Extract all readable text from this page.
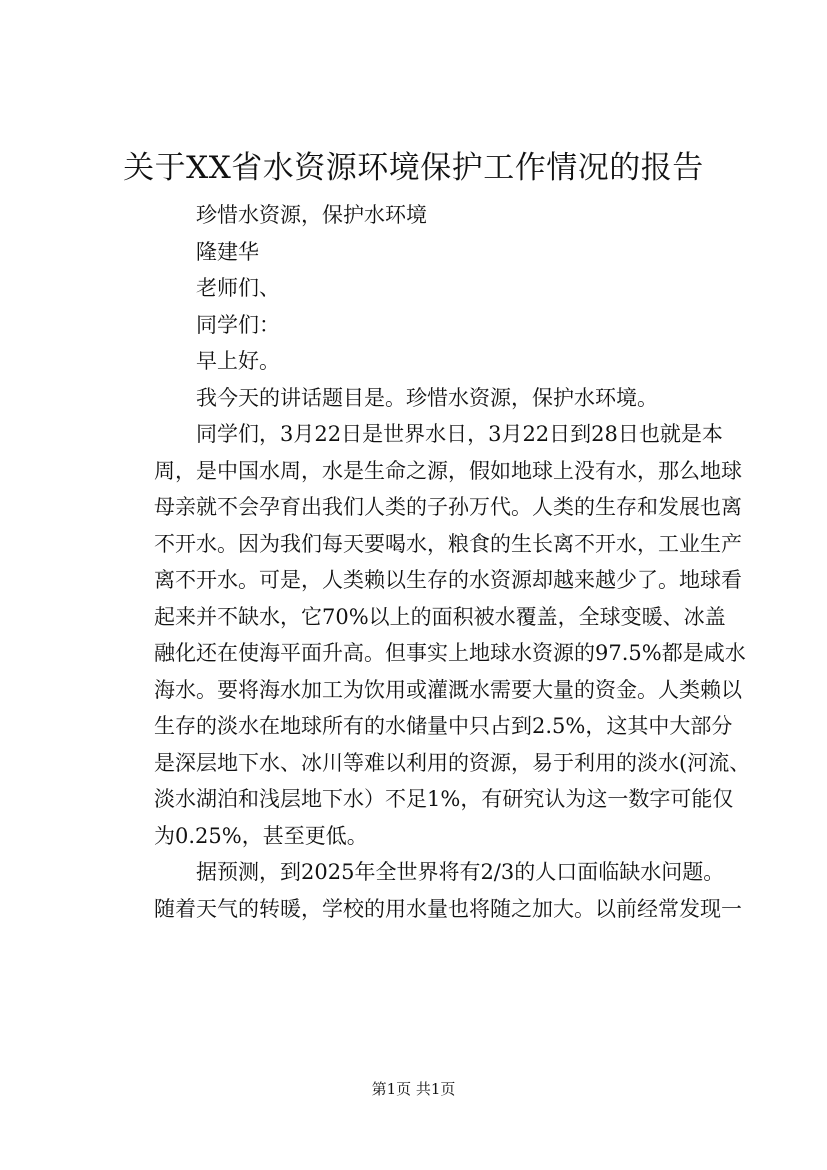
关于XX省水资源环境保护工作情况的报告

珍惜水资源，保护水环境

隆建华

老师们、

同学们：

早上好。

我今天的讲话题目是。珍惜水资源，保护水环境。

同学们，3月22日是世界水日，3月22日到28日也就是本
周，是中国水周，水是生命之源，假如地球上没有水，那么地球
母亲就不会孕育出我们人类的子孙万代。人类的生存和发展也离
不开水。因为我们每天要喝水，粮食的生长离不开水，工业生产
离不开水。可是，人类赖以生存的水资源却越来越少了。地球看
起来并不缺水，它70%以上的面积被水覆盖，全球变暖、冰盖
融化还在使海平面升高。但事实上地球水资源的97.5%都是咸水
海水。要将海水加工为饮用或灌溉水需要大量的资金。人类赖以
生存的淡水在地球所有的水储量中只占到2.5%，这其中大部分
是深层地下水、冰川等难以利用的资源，易于利用的淡水(河流、
淡水湖泊和浅层地下水）不足1%，有研究认为这一数字可能仅
为0.25%，甚至更低。

据预测，到2025年全世界将有2/3的人口面临缺水问题。
随着天气的转暖，学校的用水量也将随之加大。以前经常发现一

第1页 共1页
